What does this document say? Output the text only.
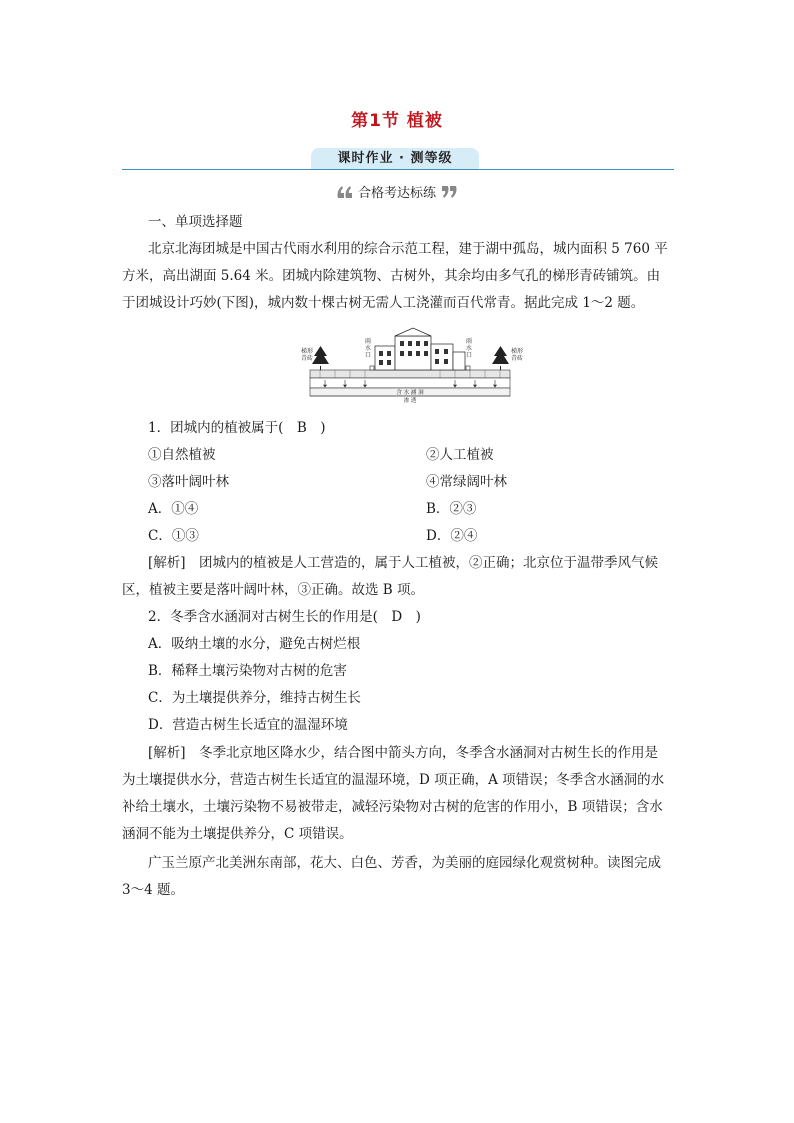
第1节 植被
课时作业 · 测等级
合格考达标练
一、单项选择题
北京北海团城是中国古代雨水利用的综合示范工程，建于湖中孤岛，城内面积 5 760 平
方米，高出湖面 5.64 米。团城内除建筑物、古树外，其余均由多气孔的梯形青砖铺筑。由
于团城设计巧妙(下图)，城内数十棵古树无需人工浇灌而百代常青。据此完成 1～2 题。
梯形
青砖
梯形
青砖
雨
水
口
雨
水
口
含 水 涵 洞
渗 透
1．团城内的植被属于(　B　)
①自然植被	②人工植被
③落叶阔叶林	④常绿阔叶林
A．①④	B．②③
C．①③	D．②④
[解析]　团城内的植被是人工营造的，属于人工植被，②正确；北京位于温带季风气候
区，植被主要是落叶阔叶林，③正确。故选 B 项。
2．冬季含水涵洞对古树生长的作用是(　D　)
A．吸纳土壤的水分，避免古树烂根
B．稀释土壤污染物对古树的危害
C．为土壤提供养分，维持古树生长
D．营造古树生长适宜的温湿环境
[解析]　冬季北京地区降水少，结合图中箭头方向，冬季含水涵洞对古树生长的作用是
为土壤提供水分，营造古树生长适宜的温湿环境，D 项正确，A 项错误；冬季含水涵洞的水
补给土壤水，土壤污染物不易被带走，减轻污染物对古树的危害的作用小，B 项错误；含水
涵洞不能为土壤提供养分，C 项错误。
广玉兰原产北美洲东南部，花大、白色、芳香，为美丽的庭园绿化观赏树种。读图完成
3～4 题。
